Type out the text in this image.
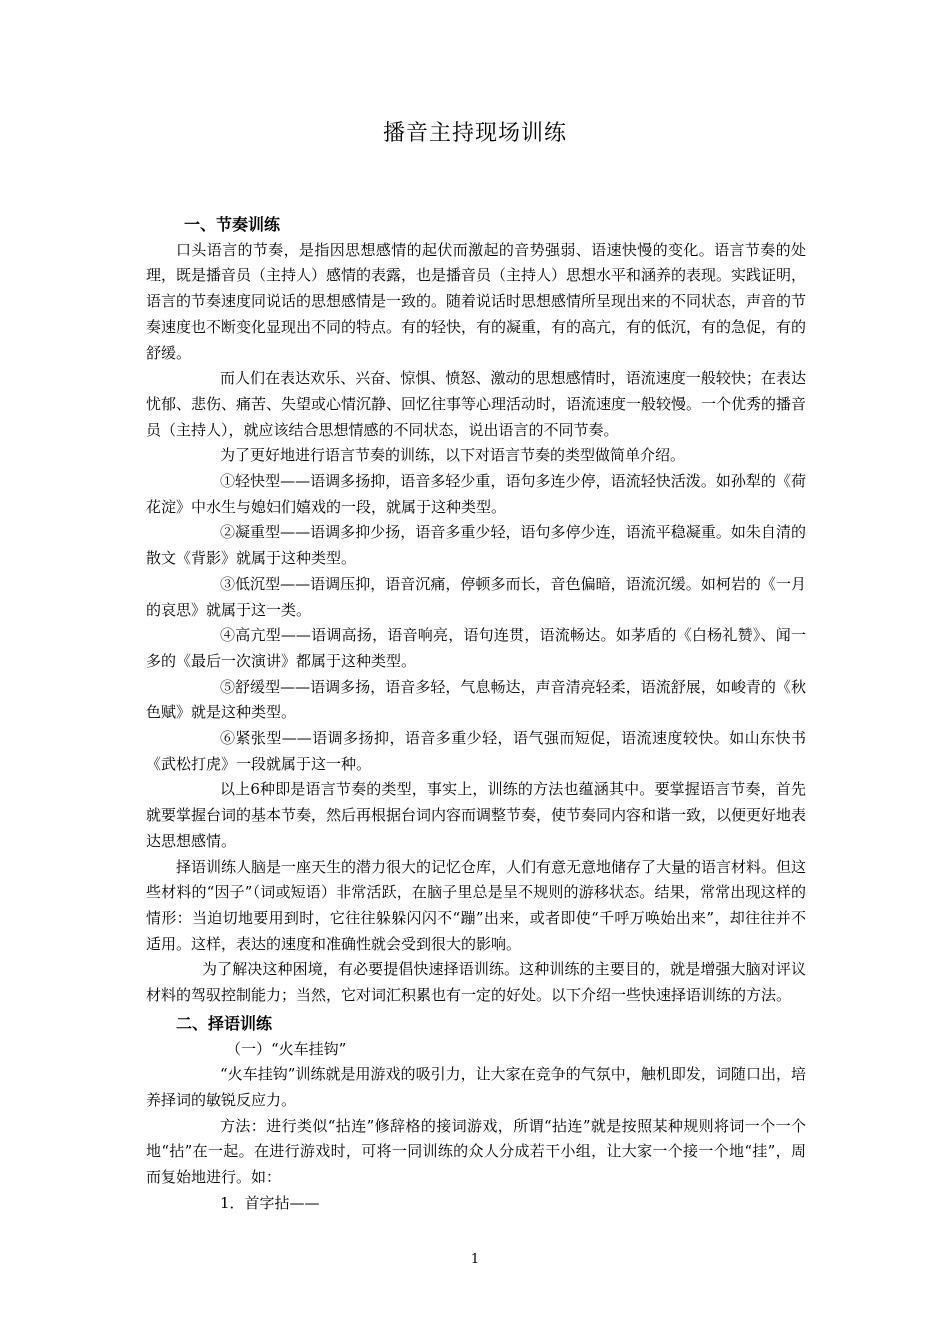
播音主持现场训练
一、节奏训练

口头语言的节奏，是指因思想感情的起伏而激起的音势强弱、语速快慢的变化。语言节奏的处理，既是播音员（主持人）感情的表露，也是播音员（主持人）思想水平和涵养的表现。实践证明，语言的节奏速度同说话的思想感情是一致的。随着说话时思想感情所呈现出来的不同状态，声音的节奏速度也不断变化显现出不同的特点。有的轻快，有的凝重，有的高亢，有的低沉，有的急促，有的舒缓。

而人们在表达欢乐、兴奋、惊惧、愤怒、激动的思想感情时，语流速度一般较快；在表达忧郁、悲伤、痛苦、失望或心情沉静、回忆往事等心理活动时，语流速度一般较慢。一个优秀的播音员（主持人），就应该结合思想情感的不同状态，说出语言的不同节奏。

为了更好地进行语言节奏的训练，以下对语言节奏的类型做简单介绍。

①轻快型——语调多扬抑，语音多轻少重，语句多连少停，语流轻快活泼。如孙犁的《荷花淀》中水生与媳妇们嬉戏的一段，就属于这种类型。

②凝重型——语调多抑少扬，语音多重少轻，语句多停少连，语流平稳凝重。如朱自清的散文《背影》就属于这种类型。

③低沉型——语调压抑，语音沉痛，停顿多而长，音色偏暗，语流沉缓。如柯岩的《一月的哀思》就属于这一类。

④高亢型——语调高扬，语音响亮，语句连贯，语流畅达。如茅盾的《白杨礼赞》、闻一多的《最后一次演讲》都属于这种类型。

⑤舒缓型——语调多扬，语音多轻，气息畅达，声音清亮轻柔，语流舒展，如峻青的《秋色赋》就是这种类型。

⑥紧张型——语调多扬抑，语音多重少轻，语气强而短促，语流速度较快。如山东快书《武松打虎》一段就属于这一种。

以上6种即是语言节奏的类型，事实上，训练的方法也蕴涵其中。要掌握语言节奏，首先就要掌握台词的基本节奏，然后再根据台词内容而调整节奏，使节奏同内容和谐一致，以便更好地表达思想感情。

择语训练人脑是一座天生的潜力很大的记忆仓库，人们有意无意地储存了大量的语言材料。但这些材料的“因子”（词或短语）非常活跃，在脑子里总是呈不规则的游移状态。结果，常常出现这样的情形：当迫切地要用到时，它往往躲躲闪闪不“蹦”出来，或者即使“千呼万唤始出来”，却往往并不适用。这样，表达的速度和准确性就会受到很大的影响。

为了解决这种困境，有必要提倡快速择语训练。这种训练的主要目的，就是增强大脑对评议材料的驾驭控制能力；当然，它对词汇积累也有一定的好处。以下介绍一些快速择语训练的方法。

二、择语训练
（一）“火车挂钩”

“火车挂钩”训练就是用游戏的吸引力，让大家在竞争的气氛中，触机即发，词随口出，培养择词的敏锐反应力。

方法：进行类似“拈连”修辞格的接词游戏，所谓“拈连”就是按照某种规则将词一个一个地“拈”在一起。在进行游戏时，可将一同训练的众人分成若干小组，让大家一个接一个地“挂”，周而复始地进行。如：

1．首字拈——
1
